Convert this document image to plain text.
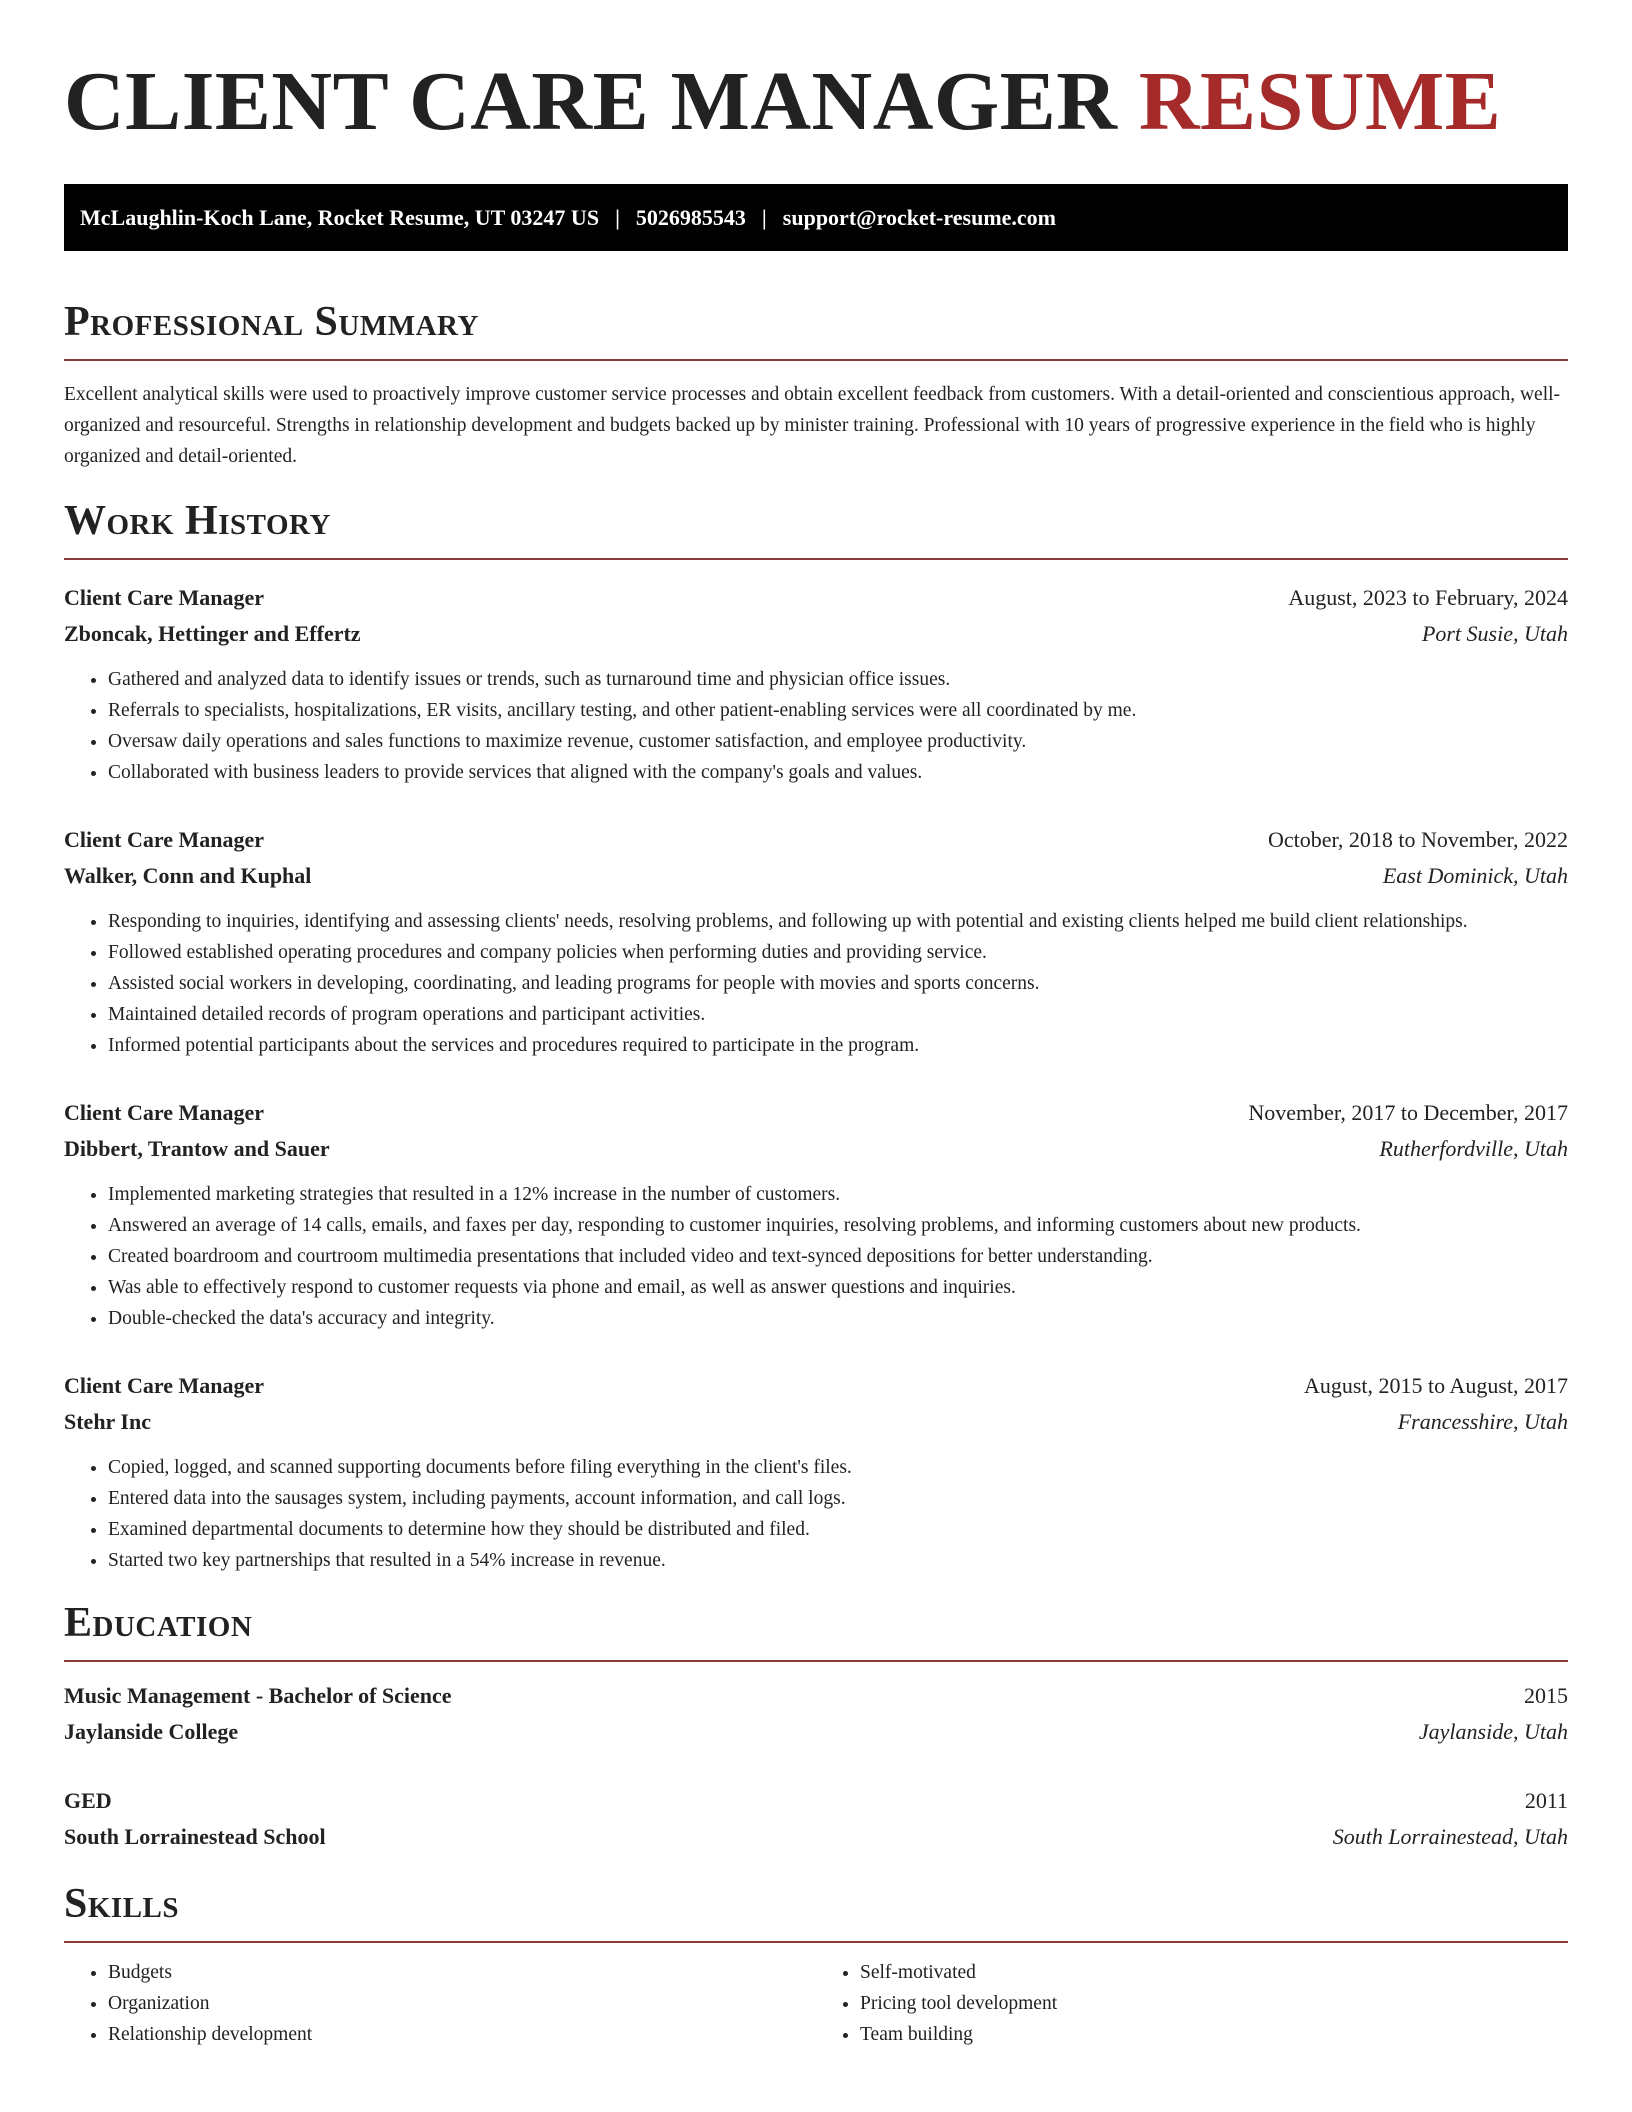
CLIENT CARE MANAGER RESUME
McLaughlin-Koch Lane, Rocket Resume, UT 03247 US | 5026985543 | support@rocket-resume.com
Professional Summary

Excellent analytical skills were used to proactively improve customer service processes and obtain excellent feedback from customers. With a detail-oriented and conscientious approach, well-organized and resourceful. Strengths in relationship development and budgets backed up by minister training. Professional with 10 years of progressive experience in the field who is highly organized and detail-oriented.

Work History
Client Care Manager	August, 2023 to February, 2024
Zboncak, Hettinger and Effertz	Port Susie, Utah
• Gathered and analyzed data to identify issues or trends, such as turnaround time and physician office issues.
• Referrals to specialists, hospitalizations, ER visits, ancillary testing, and other patient-enabling services were all coordinated by me.
• Oversaw daily operations and sales functions to maximize revenue, customer satisfaction, and employee productivity.
• Collaborated with business leaders to provide services that aligned with the company's goals and values.
Client Care Manager	October, 2018 to November, 2022
Walker, Conn and Kuphal	East Dominick, Utah
• Responding to inquiries, identifying and assessing clients' needs, resolving problems, and following up with potential and existing clients helped me build client relationships.
• Followed established operating procedures and company policies when performing duties and providing service.
• Assisted social workers in developing, coordinating, and leading programs for people with movies and sports concerns.
• Maintained detailed records of program operations and participant activities.
• Informed potential participants about the services and procedures required to participate in the program.
Client Care Manager	November, 2017 to December, 2017
Dibbert, Trantow and Sauer	Rutherfordville, Utah
• Implemented marketing strategies that resulted in a 12% increase in the number of customers.
• Answered an average of 14 calls, emails, and faxes per day, responding to customer inquiries, resolving problems, and informing customers about new products.
• Created boardroom and courtroom multimedia presentations that included video and text-synced depositions for better understanding.
• Was able to effectively respond to customer requests via phone and email, as well as answer questions and inquiries.
• Double-checked the data's accuracy and integrity.
Client Care Manager	August, 2015 to August, 2017
Stehr Inc	Francesshire, Utah
• Copied, logged, and scanned supporting documents before filing everything in the client's files.
• Entered data into the sausages system, including payments, account information, and call logs.
• Examined departmental documents to determine how they should be distributed and filed.
• Started two key partnerships that resulted in a 54% increase in revenue.
Education
Music Management - Bachelor of Science	2015
Jaylanside College	Jaylanside, Utah
GED	2011
South Lorrainestead School	South Lorrainestead, Utah
Skills
• Budgets
• Organization
• Relationship development
• Self-motivated
• Pricing tool development
• Team building
